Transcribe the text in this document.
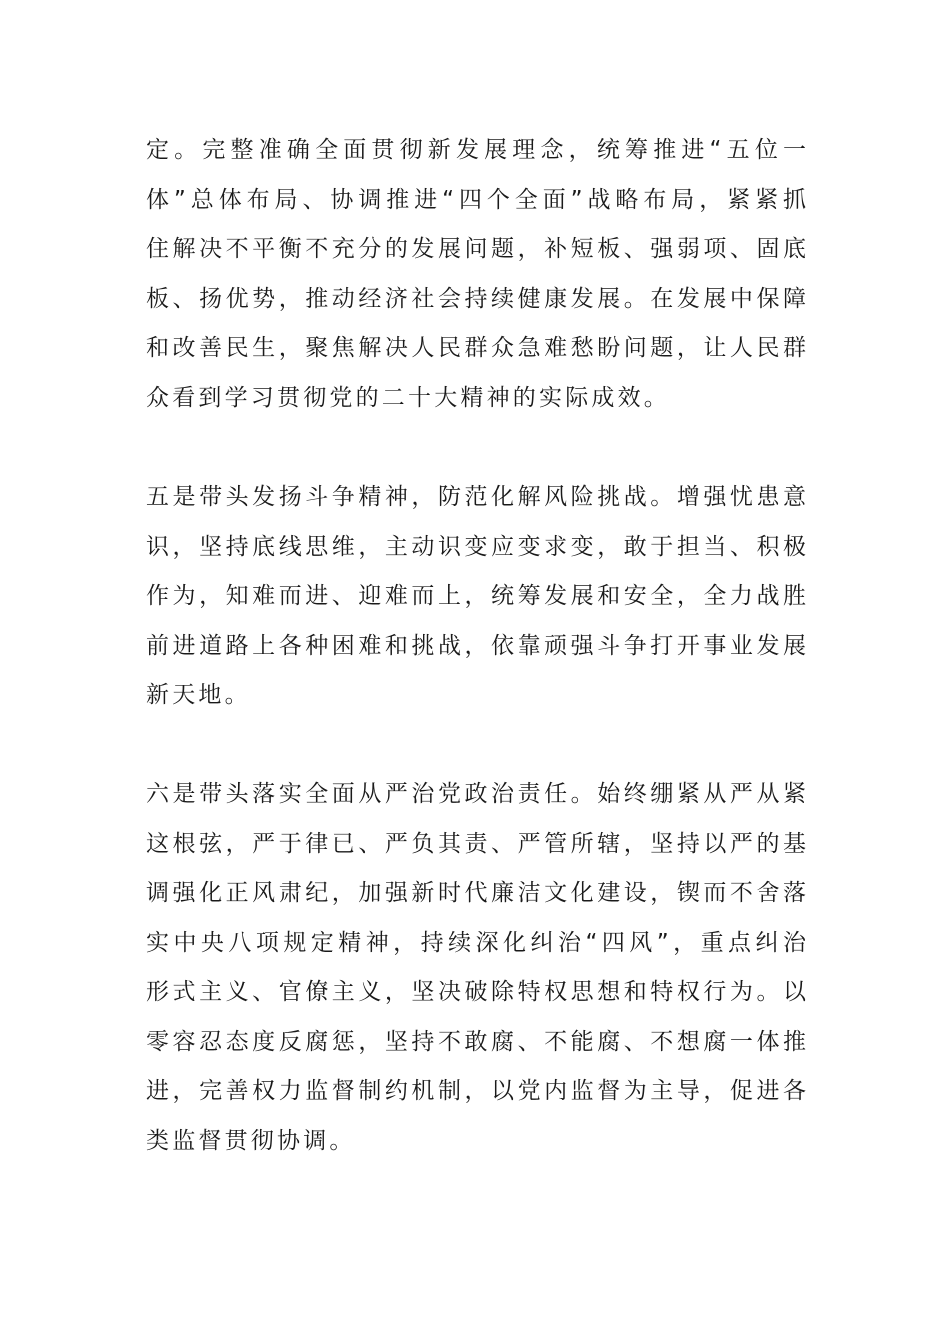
定。完整准确全面贯彻新发展理念，统筹推进“五位一
体”总体布局、协调推进“四个全面”战略布局，紧紧抓
住解决不平衡不充分的发展问题，补短板、强弱项、固底
板、扬优势，推动经济社会持续健康发展。在发展中保障
和改善民生，聚焦解决人民群众急难愁盼问题，让人民群
众看到学习贯彻党的二十大精神的实际成效。
五是带头发扬斗争精神，防范化解风险挑战。增强忧患意
识，坚持底线思维，主动识变应变求变，敢于担当、积极
作为，知难而进、迎难而上，统筹发展和安全，全力战胜
前进道路上各种困难和挑战，依靠顽强斗争打开事业发展
新天地。
六是带头落实全面从严治党政治责任。始终绷紧从严从紧
这根弦，严于律已、严负其责、严管所辖，坚持以严的基
调强化正风肃纪，加强新时代廉洁文化建设，锲而不舍落
实中央八项规定精神，持续深化纠治“四风”，重点纠治
形式主义、官僚主义，坚决破除特权思想和特权行为。以
零容忍态度反腐惩，坚持不敢腐、不能腐、不想腐一体推
进，完善权力监督制约机制，以党内监督为主导，促进各
类监督贯彻协调。
